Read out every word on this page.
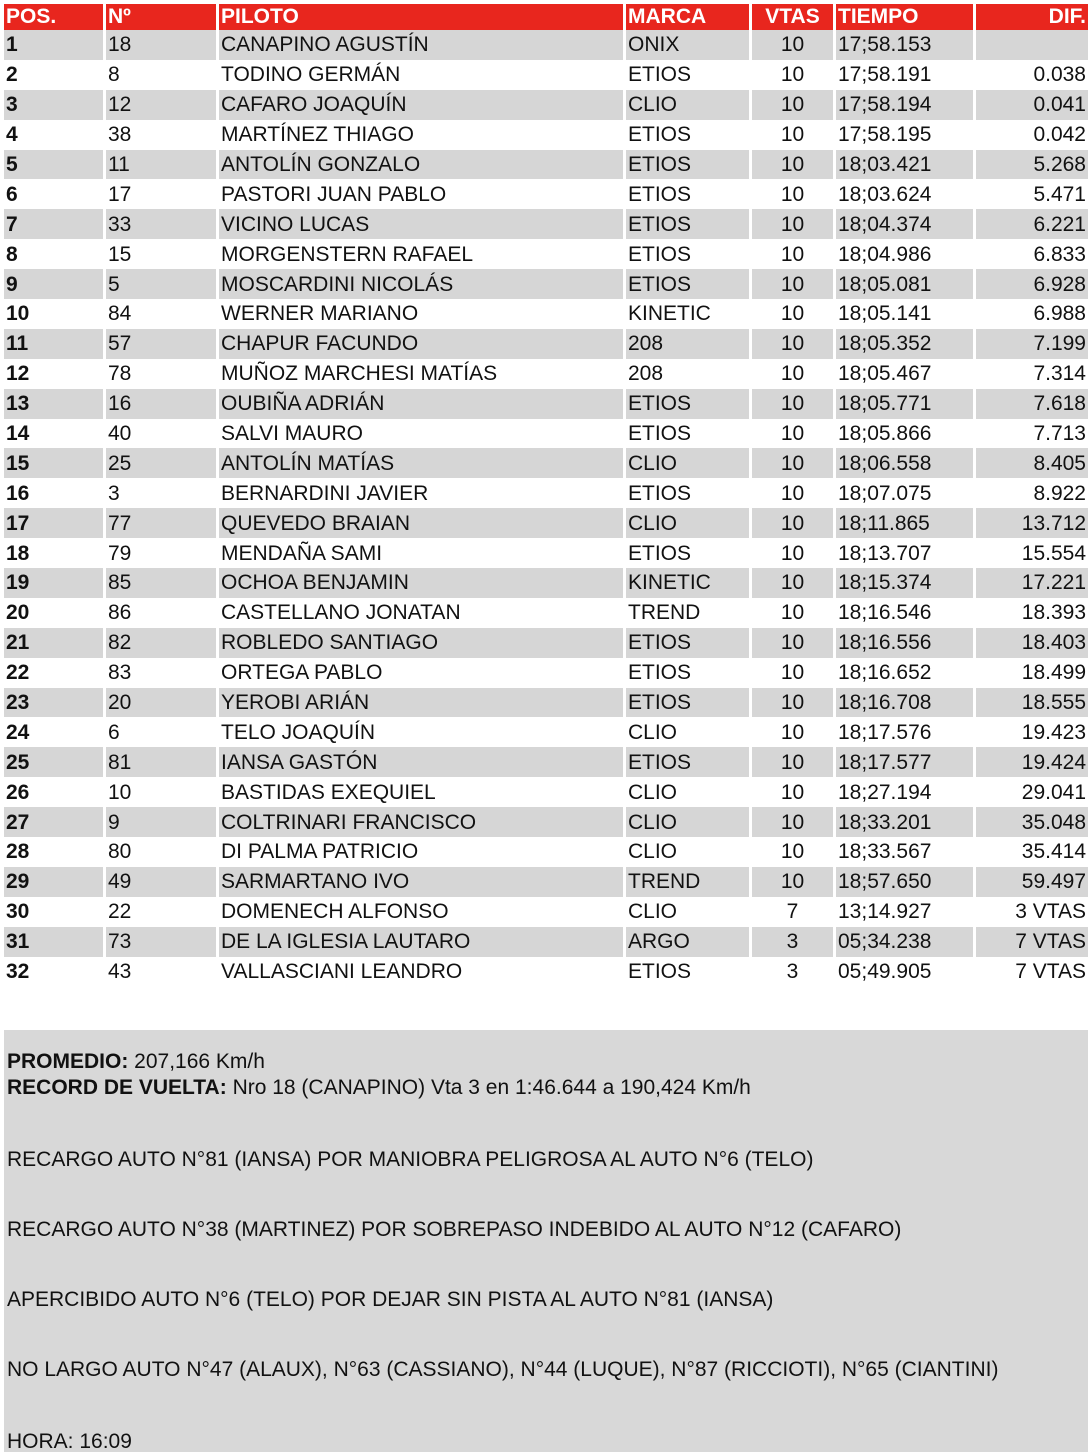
POS.	Nº	PILOTO	MARCA	VTAS	TIEMPO	DIF.
1	18	CANAPINO AGUSTÍN	ONIX	10	17;58.153	
2	8	TODINO GERMÁN	ETIOS	10	17;58.191	0.038
3	12	CAFARO JOAQUÍN	CLIO	10	17;58.194	0.041
4	38	MARTÍNEZ THIAGO	ETIOS	10	17;58.195	0.042
5	11	ANTOLÍN GONZALO	ETIOS	10	18;03.421	5.268
6	17	PASTORI JUAN PABLO	ETIOS	10	18;03.624	5.471
7	33	VICINO LUCAS	ETIOS	10	18;04.374	6.221
8	15	MORGENSTERN RAFAEL	ETIOS	10	18;04.986	6.833
9	5	MOSCARDINI NICOLÁS	ETIOS	10	18;05.081	6.928
10	84	WERNER MARIANO	KINETIC	10	18;05.141	6.988
11	57	CHAPUR FACUNDO	208	10	18;05.352	7.199
12	78	MUÑOZ MARCHESI MATÍAS	208	10	18;05.467	7.314
13	16	OUBIÑA ADRIÁN	ETIOS	10	18;05.771	7.618
14	40	SALVI MAURO	ETIOS	10	18;05.866	7.713
15	25	ANTOLÍN MATÍAS	CLIO	10	18;06.558	8.405
16	3	BERNARDINI JAVIER	ETIOS	10	18;07.075	8.922
17	77	QUEVEDO BRAIAN	CLIO	10	18;11.865	13.712
18	79	MENDAÑA SAMI	ETIOS	10	18;13.707	15.554
19	85	OCHOA BENJAMIN	KINETIC	10	18;15.374	17.221
20	86	CASTELLANO JONATAN	TREND	10	18;16.546	18.393
21	82	ROBLEDO SANTIAGO	ETIOS	10	18;16.556	18.403
22	83	ORTEGA PABLO	ETIOS	10	18;16.652	18.499
23	20	YEROBI ARIÁN	ETIOS	10	18;16.708	18.555
24	6	TELO JOAQUÍN	CLIO	10	18;17.576	19.423
25	81	IANSA GASTÓN	ETIOS	10	18;17.577	19.424
26	10	BASTIDAS EXEQUIEL	CLIO	10	18;27.194	29.041
27	9	COLTRINARI FRANCISCO	CLIO	10	18;33.201	35.048
28	80	DI PALMA PATRICIO	CLIO	10	18;33.567	35.414
29	49	SARMARTANO IVO	TREND	10	18;57.650	59.497
30	22	DOMENECH ALFONSO	CLIO	7	13;14.927	3 VTAS
31	73	DE LA IGLESIA LAUTARO	ARGO	3	05;34.238	7 VTAS
32	43	VALLASCIANI LEANDRO	ETIOS	3	05;49.905	7 VTAS
PROMEDIO: 207,166 Km/h
RECORD DE VUELTA: Nro 18 (CANAPINO) Vta 3 en 1:46.644 a 190,424 Km/h
RECARGO AUTO N°81 (IANSA) POR MANIOBRA PELIGROSA AL AUTO N°6 (TELO)
RECARGO AUTO N°38 (MARTINEZ) POR SOBREPASO INDEBIDO AL AUTO N°12 (CAFARO)
APERCIBIDO AUTO N°6 (TELO) POR DEJAR SIN PISTA AL AUTO N°81 (IANSA)
NO LARGO AUTO N°47 (ALAUX), N°63 (CASSIANO), N°44 (LUQUE), N°87 (RICCIOTI), N°65 (CIANTINI)
HORA: 16:09
